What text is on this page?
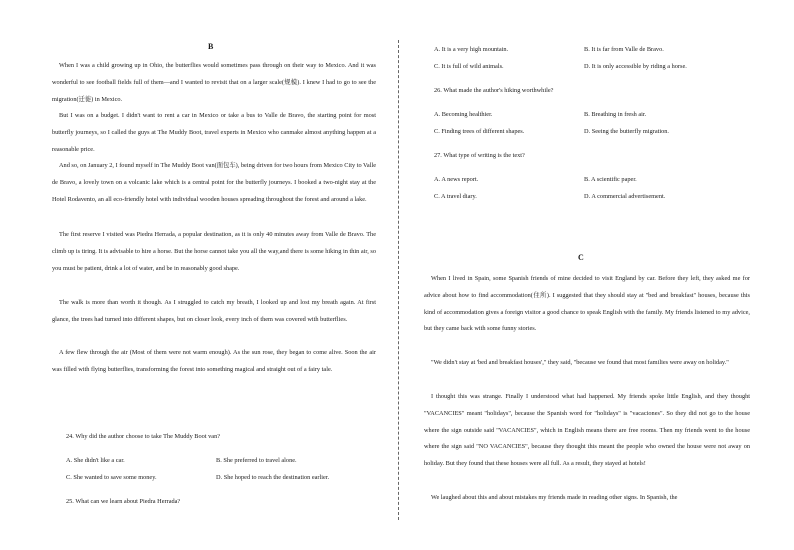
B

When I was a child growing up in Ohio, the butterflies would sometimes pass through on their way to Mexico. And it was wonderful to see football fields full of them—and I wanted to revisit that on a larger scale(规模). I knew I had to go to see the migration(迁徙) in Mexico.

But I was on a budget. I didn't want to rent a car in Mexico or take a bus to Valle de Bravo, the starting point for most butterfly journeys, so I called the guys at The Muddy Boot, travel experts in Mexico who canmake almost anything happen at a reasonable price.

And so, on January 2, I found myself in The Muddy Boot van(面包车), being driven for two hours from Mexico City to Valle de Bravo, a lovely town on a volcanic lake which is a central point for the butterfly journeys. I booked a two-night stay at the Hotel Rodavento, an all eco-friendly hotel with individual wooden houses spreading throughout the forest and around a lake.

The first reserve I visited was Piedra Herrada, a popular destination, as it is only 40 minutes away from Valle de Bravo. The climb up is tiring. It is advisable to hire a horse. But the horse cannot take you all the way,and there is some hiking in thin air, so you must be patient, drink a lot of water, and be in reasonably good shape.

The walk is more than worth it though. As I struggled to catch my breath, I looked up and lost my breath again. At first glance, the trees had turned into different shapes, but on closer look, every inch of them was covered with butterflies.

A few flew through the air (Most of them were not warm enough). As the sun rose, they began to come alive. Soon the air was filled with flying butterflies, transforming the forest into something magical and straight out of a fairy tale.

24. Why did the author choose to take The Muddy Boot van?

A. She didn't like a car.	B. She preferred to travel alone.
C. She wanted to save some money.	D. She hoped to reach the destination earlier.

25. What can we learn about Piedra Herrada?

A. It is a very high mountain.	B. It is far from Valle de Bravo.
C. It is full of wild animals.	D. It is only accessible by riding a horse.

26. What made the author's hiking worthwhile?

A. Becoming healthier.	B. Breathing in fresh air.
C. Finding trees of different shapes.	D. Seeing the butterfly migration.

27. What type of writing is the text?

A. A news report.	B. A scientific paper.
C. A travel diary.	D. A commercial advertisement.
C

When I lived in Spain, some Spanish friends of mine decided to visit England by car. Before they left, they asked me for advice about how to find accommodation(住所). I suggested that they should stay at "bed and breakfast" houses, because this kind of accommodation gives a foreign visitor a good chance to speak English with the family. My friends listened to my advice, but they came back with some funny stories.

"We didn't stay at 'bed and breakfast houses'," they said, "because we found that most families were away on holiday."

I thought this was strange. Finally I understood what had happened. My friends spoke little English, and they thought "VACANCIES" meant "holidays", because the Spanish word for "holidays" is "vacaciones". So they did not go to the house where the sign outside said "VACANCIES", which in English means there are free rooms. Then my friends went to the house where the sign said "NO VACANCIES", because they thought this meant the people who owned the house were not away on holiday. But they found that these houses were all full. As a result, they stayed at hotels!

We laughed about this and about mistakes my friends made in reading other signs. In Spanish, the
